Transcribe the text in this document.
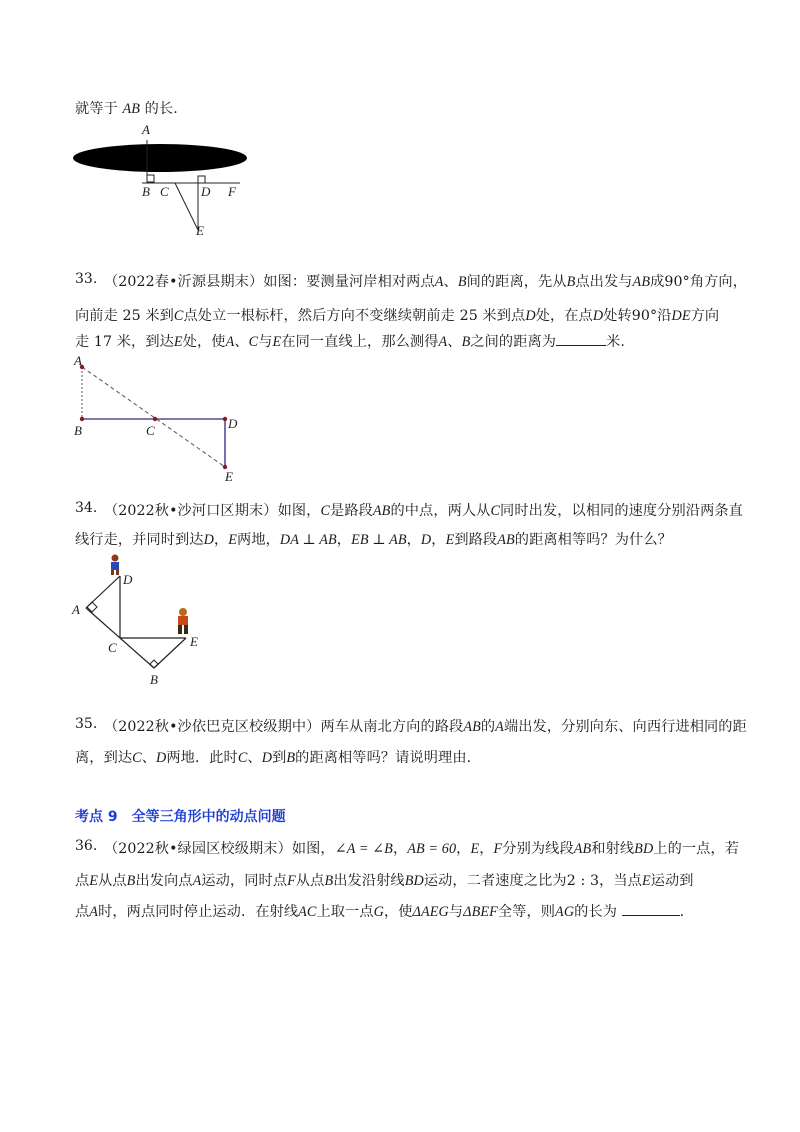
就等于 AB 的长.
A
B C D F
E
33. （2022春•沂源县期末）如图：要测量河岸相对两点A、B间的距离，先从B点出发与AB成90°角方向，
向前走 25 米到C点处立一根标杆，然后方向不变继续朝前走 25 米到点D处，在点D处转90°沿DE方向
走 17 米，到达E处，使A、C与E在同一直线上，那么测得A、B之间的距离为	米.
A
B	C	D
E
34. （2022秋•沙河口区期末）如图，C是路段AB的中点，两人从C同时出发，以相同的速度分别沿两条直
线行走，并同时到达D，E两地，DA ⊥ AB，EB ⊥ AB，D，E到路段AB的距离相等吗？为什么？
D
A
C	E
B
35. （2022秋•沙依巴克区校级期中）两车从南北方向的路段AB的A端出发，分别向东、向西行进相同的距
离，到达C、D两地．此时C、D到B的距离相等吗？请说明理由.
考点 9　全等三角形中的动点问题
36. （2022秋•绿园区校级期末）如图，∠A = ∠B，AB = 60，E，F分别为线段AB和射线BD上的一点，若
点E从点B出发向点A运动，同时点F从点B出发沿射线BD运动，二者速度之比为2 : 3，当点E运动到
点A时，两点同时停止运动．在射线AC上取一点G，使ΔAEG与ΔBEF全等，则AG的长为	.
